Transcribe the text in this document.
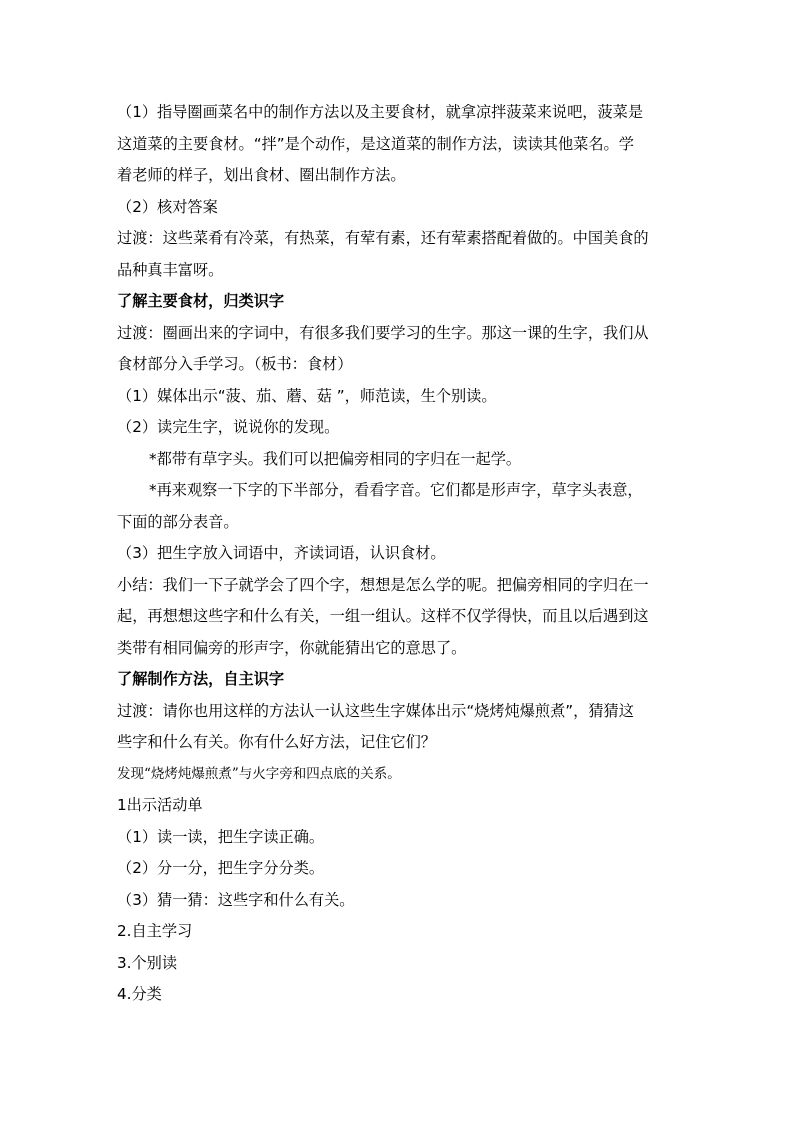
（1）指导圈画菜名中的制作方法以及主要食材，就拿凉拌菠菜来说吧，菠菜是
这道菜的主要食材。“拌”是个动作，是这道菜的制作方法，读读其他菜名。学
着老师的样子，划出食材、圈出制作方法。
（2）核对答案
过渡：这些菜肴有冷菜，有热菜，有荤有素，还有荤素搭配着做的。中国美食的
品种真丰富呀。
了解主要食材，归类识字
过渡：圈画出来的字词中，有很多我们要学习的生字。那这一课的生字，我们从
食材部分入手学习。（板书：食材）
（1）媒体出示“菠、茄、蘑、菇 ”，师范读，生个别读。
（2）读完生字，说说你的发现。
*都带有草字头。我们可以把偏旁相同的字归在一起学。
*再来观察一下字的下半部分，看看字音。它们都是形声字，草字头表意，
下面的部分表音。
（3）把生字放入词语中，齐读词语，认识食材。
小结：我们一下子就学会了四个字，想想是怎么学的呢。把偏旁相同的字归在一
起，再想想这些字和什么有关，一组一组认。这样不仅学得快，而且以后遇到这
类带有相同偏旁的形声字，你就能猜出它的意思了。
了解制作方法，自主识字
过渡：请你也用这样的方法认一认这些生字媒体出示“烧烤炖爆煎煮”，猜猜这
些字和什么有关。你有什么好方法，记住它们？
发现“烧烤炖爆煎煮”与火字旁和四点底的关系。
1出示活动单
（1）读一读，把生字读正确。
（2）分一分，把生字分分类。
（3）猜一猜：这些字和什么有关。
2.自主学习
3.个别读
4.分类
